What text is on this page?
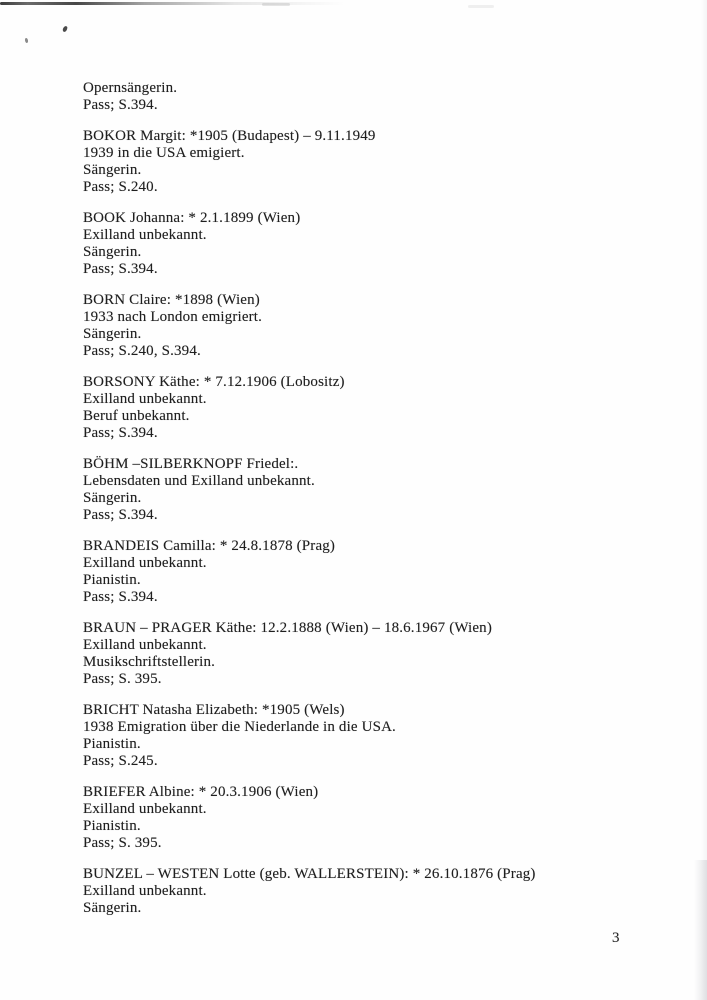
Opernsängerin.
Pass; S.394.
BOKOR Margit: *1905 (Budapest) – 9.11.1949
1939 in die USA emigiert.
Sängerin.
Pass; S.240.
BOOK Johanna: * 2.1.1899 (Wien)
Exilland unbekannt.
Sängerin.
Pass; S.394.
BORN Claire: *1898 (Wien)
1933 nach London emigriert.
Sängerin.
Pass; S.240, S.394.
BORSONY Käthe: * 7.12.1906 (Lobositz)
Exilland unbekannt.
Beruf unbekannt.
Pass; S.394.
BÖHM –SILBERKNOPF Friedel:.
Lebensdaten und Exilland unbekannt.
Sängerin.
Pass; S.394.
BRANDEIS Camilla: * 24.8.1878 (Prag)
Exilland unbekannt.
Pianistin.
Pass; S.394.
BRAUN – PRAGER Käthe: 12.2.1888 (Wien) – 18.6.1967 (Wien)
Exilland unbekannt.
Musikschriftstellerin.
Pass; S. 395.
BRICHT Natasha Elizabeth: *1905 (Wels)
1938 Emigration über die Niederlande in die USA.
Pianistin.
Pass; S.245.
BRIEFER Albine: * 20.3.1906 (Wien)
Exilland unbekannt.
Pianistin.
Pass; S. 395.
BUNZEL – WESTEN Lotte (geb. WALLERSTEIN): * 26.10.1876 (Prag)
Exilland unbekannt.
Sängerin.
3
